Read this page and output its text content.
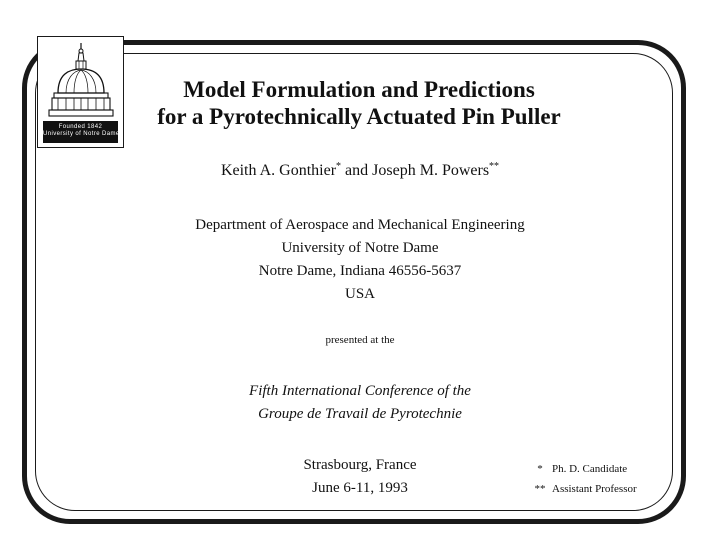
Founded 1842
University of Notre Dame
Model Formulation and Predictions
for a Pyrotechnically Actuated Pin Puller
Keith A. Gonthier* and Joseph M. Powers**
Department of Aerospace and Mechanical Engineering
University of Notre Dame
Notre Dame, Indiana 46556-5637
USA
presented at the
Fifth International Conference of the
Groupe de Travail de Pyrotechnie
Strasbourg, France
June 6-11, 1993
* Ph. D. Candidate
** Assistant Professor
